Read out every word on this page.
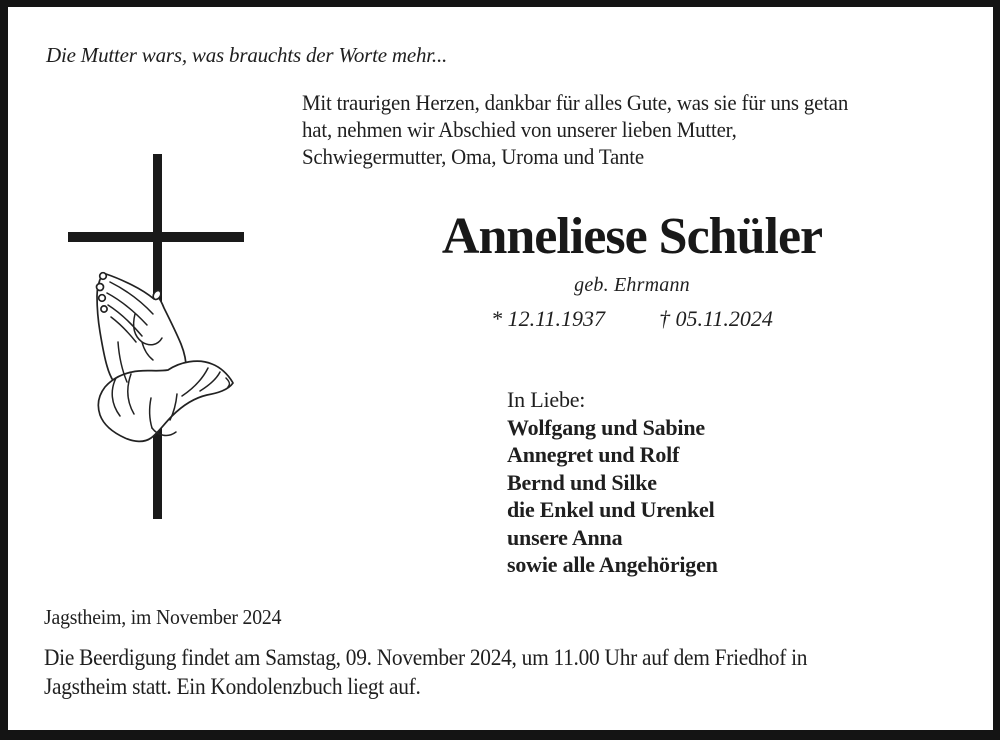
Die Mutter wars, was brauchts der Worte mehr...
Mit traurigen Herzen, dankbar für alles Gute, was sie für uns getan
hat, nehmen wir Abschied von unserer lieben Mutter,
Schwiegermutter, Oma, Uroma und Tante
Anneliese Schüler
geb. Ehrmann
* 12.11.1937 † 05.11.2024
In Liebe:
Wolfgang und Sabine
Annegret und Rolf
Bernd und Silke
die Enkel und Urenkel
unsere Anna
sowie alle Angehörigen
Jagstheim, im November 2024
Die Beerdigung findet am Samstag, 09. November 2024, um 11.00 Uhr auf dem Friedhof in
Jagstheim statt. Ein Kondolenzbuch liegt auf.
